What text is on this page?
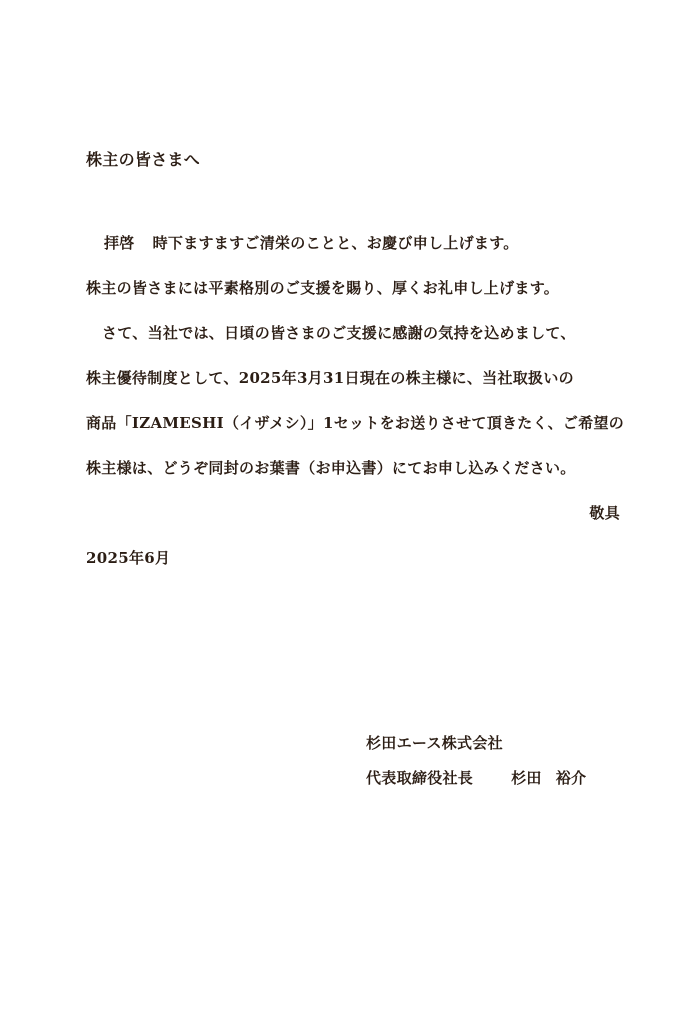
株主の皆さまへ
拝啓 時下ますますご清栄のことと、お慶び申し上げます。
株主の皆さまには平素格別のご支援を賜り、厚くお礼申し上げます。
さて、当社では、日頃の皆さまのご支援に感謝の気持を込めまして、
株主優待制度として、2025年3月31日現在の株主様に、当社取扱いの
商品「IZAMESHI（イザメシ）」1セットをお送りさせて頂きたく、ご希望の
株主様は、どうぞ同封のお葉書（お申込書）にてお申し込みください。
敬具
2025年6月
杉田エース株式会社
代表取締役社長	杉田 裕介
